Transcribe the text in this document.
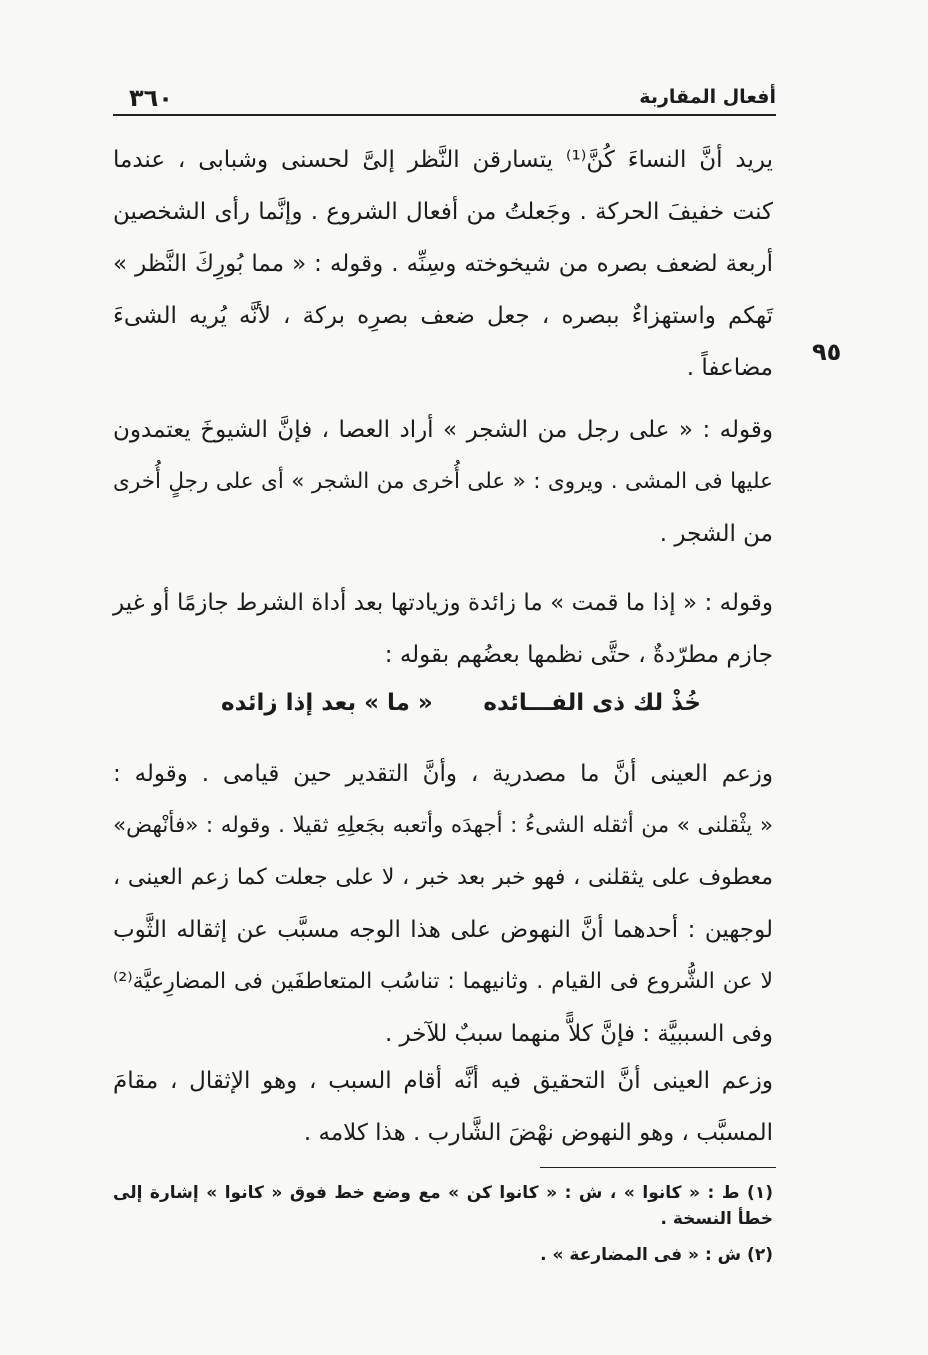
أفعال المقاربة
٣٦٠
٩٥
يريد أنَّ النساءَ كُنَّ⁽¹⁾ يتسارقن النَّظر إلىَّ لحسنى وشبابى ، عندما
كنت خفيفَ الحركة . وجَعلتُ من أفعال الشروع . وإنَّما رأى الشخصين
أربعة لضعف بصره من شيخوخته وسِنِّه . وقوله : « مما بُورِكَ النَّظر »
تَهكم واستهزاءٌ ببصره ، جعل ضعف بصرِه بركة ، لأنَّه يُريه الشىءَ
مضاعفاً .
وقوله : « على رجل من الشجر » أراد العصا ، فإنَّ الشيوخَ يعتمدون
عليها فى المشى . ويروى : « على أُخرى من الشجر » أى على رجلٍ أُخرى
من الشجر .
وقوله : « إذا ما قمت » ما زائدة وزيادتها بعد أداة الشرط جازمًا أو غير
جازم مطرّدةٌ ، حتَّى نظمها بعضُهم بقوله :
خُذْ لك ذى الفـــائده
« ما » بعد إذا زائده
وزعم العينى أنَّ ما مصدرية ، وأنَّ التقدير حين قيامى . وقوله :
« يثْقلنى » من أثقله الشىءُ : أجهدَه وأتعبه بجَعلِهِ ثقيلا . وقوله : «فأنْهض»
معطوف على يثقلنى ، فهو خبر بعد خبر ، لا على جعلت كما زعم العينى ،
لوجهين : أحدهما أنَّ النهوض على هذا الوجه مسبَّب عن إثقاله الثَّوب
لا عن الشُّروع فى القيام . وثانيهما : تناسُب المتعاطفَين فى المضارِعيَّة⁽²⁾
وفى السببيَّة : فإنَّ كلاًّ منهما سببٌ للآخر .
وزعم العينى أنَّ التحقيق فيه أنَّه أقام السبب ، وهو الإثقال ، مقامَ
المسبَّب ، وهو النهوض نهْضَ الشَّارب . هذا كلامه .
(١) ط : « كانوا » ، ش : « كانوا كن » مع وضع خط فوق « كانوا » إشارة إلى
خطأ النسخة .
(٢) ش : « فى المضارعة » .
